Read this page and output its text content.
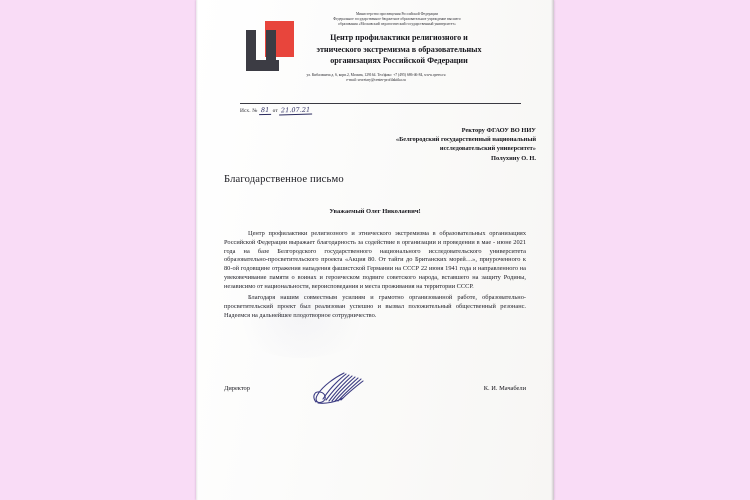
Министерство просвещения Российской Федерации
Федеральное государственное бюджетное образовательное учреждение высшего
образования «Московский педагогический государственный университет»
Центр профилактики религиозного и
этнического экстремизма в образовательных
организациях Российской Федерации
ул. Кибальчича д. 6, корп.2, Москва, 129164. Тел/факс: +7 (495) 686-46-84, www.cpeeo.ru
e-mail: secretary@center-profilaktika.ru
Исх. № 81 от 21.07.21
Ректору ФГАОУ ВО НИУ
«Белгородский государственный национальный
исследовательский университет»
Полухину О. Н.
Благодарственное письмо
Уважаемый Олег Николаевич!

Центр профилактики религиозного и этнического экстремизма в образовательных организациях Российской Федерации выражает благодарность за содействие в организации и проведении в мае - июне 2021 года на базе Белгородского государственного национального исследовательского университета образовательно-просветительского проекта «Акция 80. От тайги до Британских морей…», приуроченного к 80-ой годовщине отражения нападения фашистской Германии на СССР 22 июня 1941 года и направленного на увековечивание памяти о воинах и героическом подвиге советского народа, вставшего на защиту Родины, независимо от национальности, вероисповедания и места проживания на территории СССР.

Благодаря нашим совместным усилиям и грамотно организованной работе, образовательно-просветительский проект был реализован успешно и вызвал положительный общественный резонанс. Надеемся на дальнейшее плодотворное сотрудничество.

Директор	К. И. Мачабели
